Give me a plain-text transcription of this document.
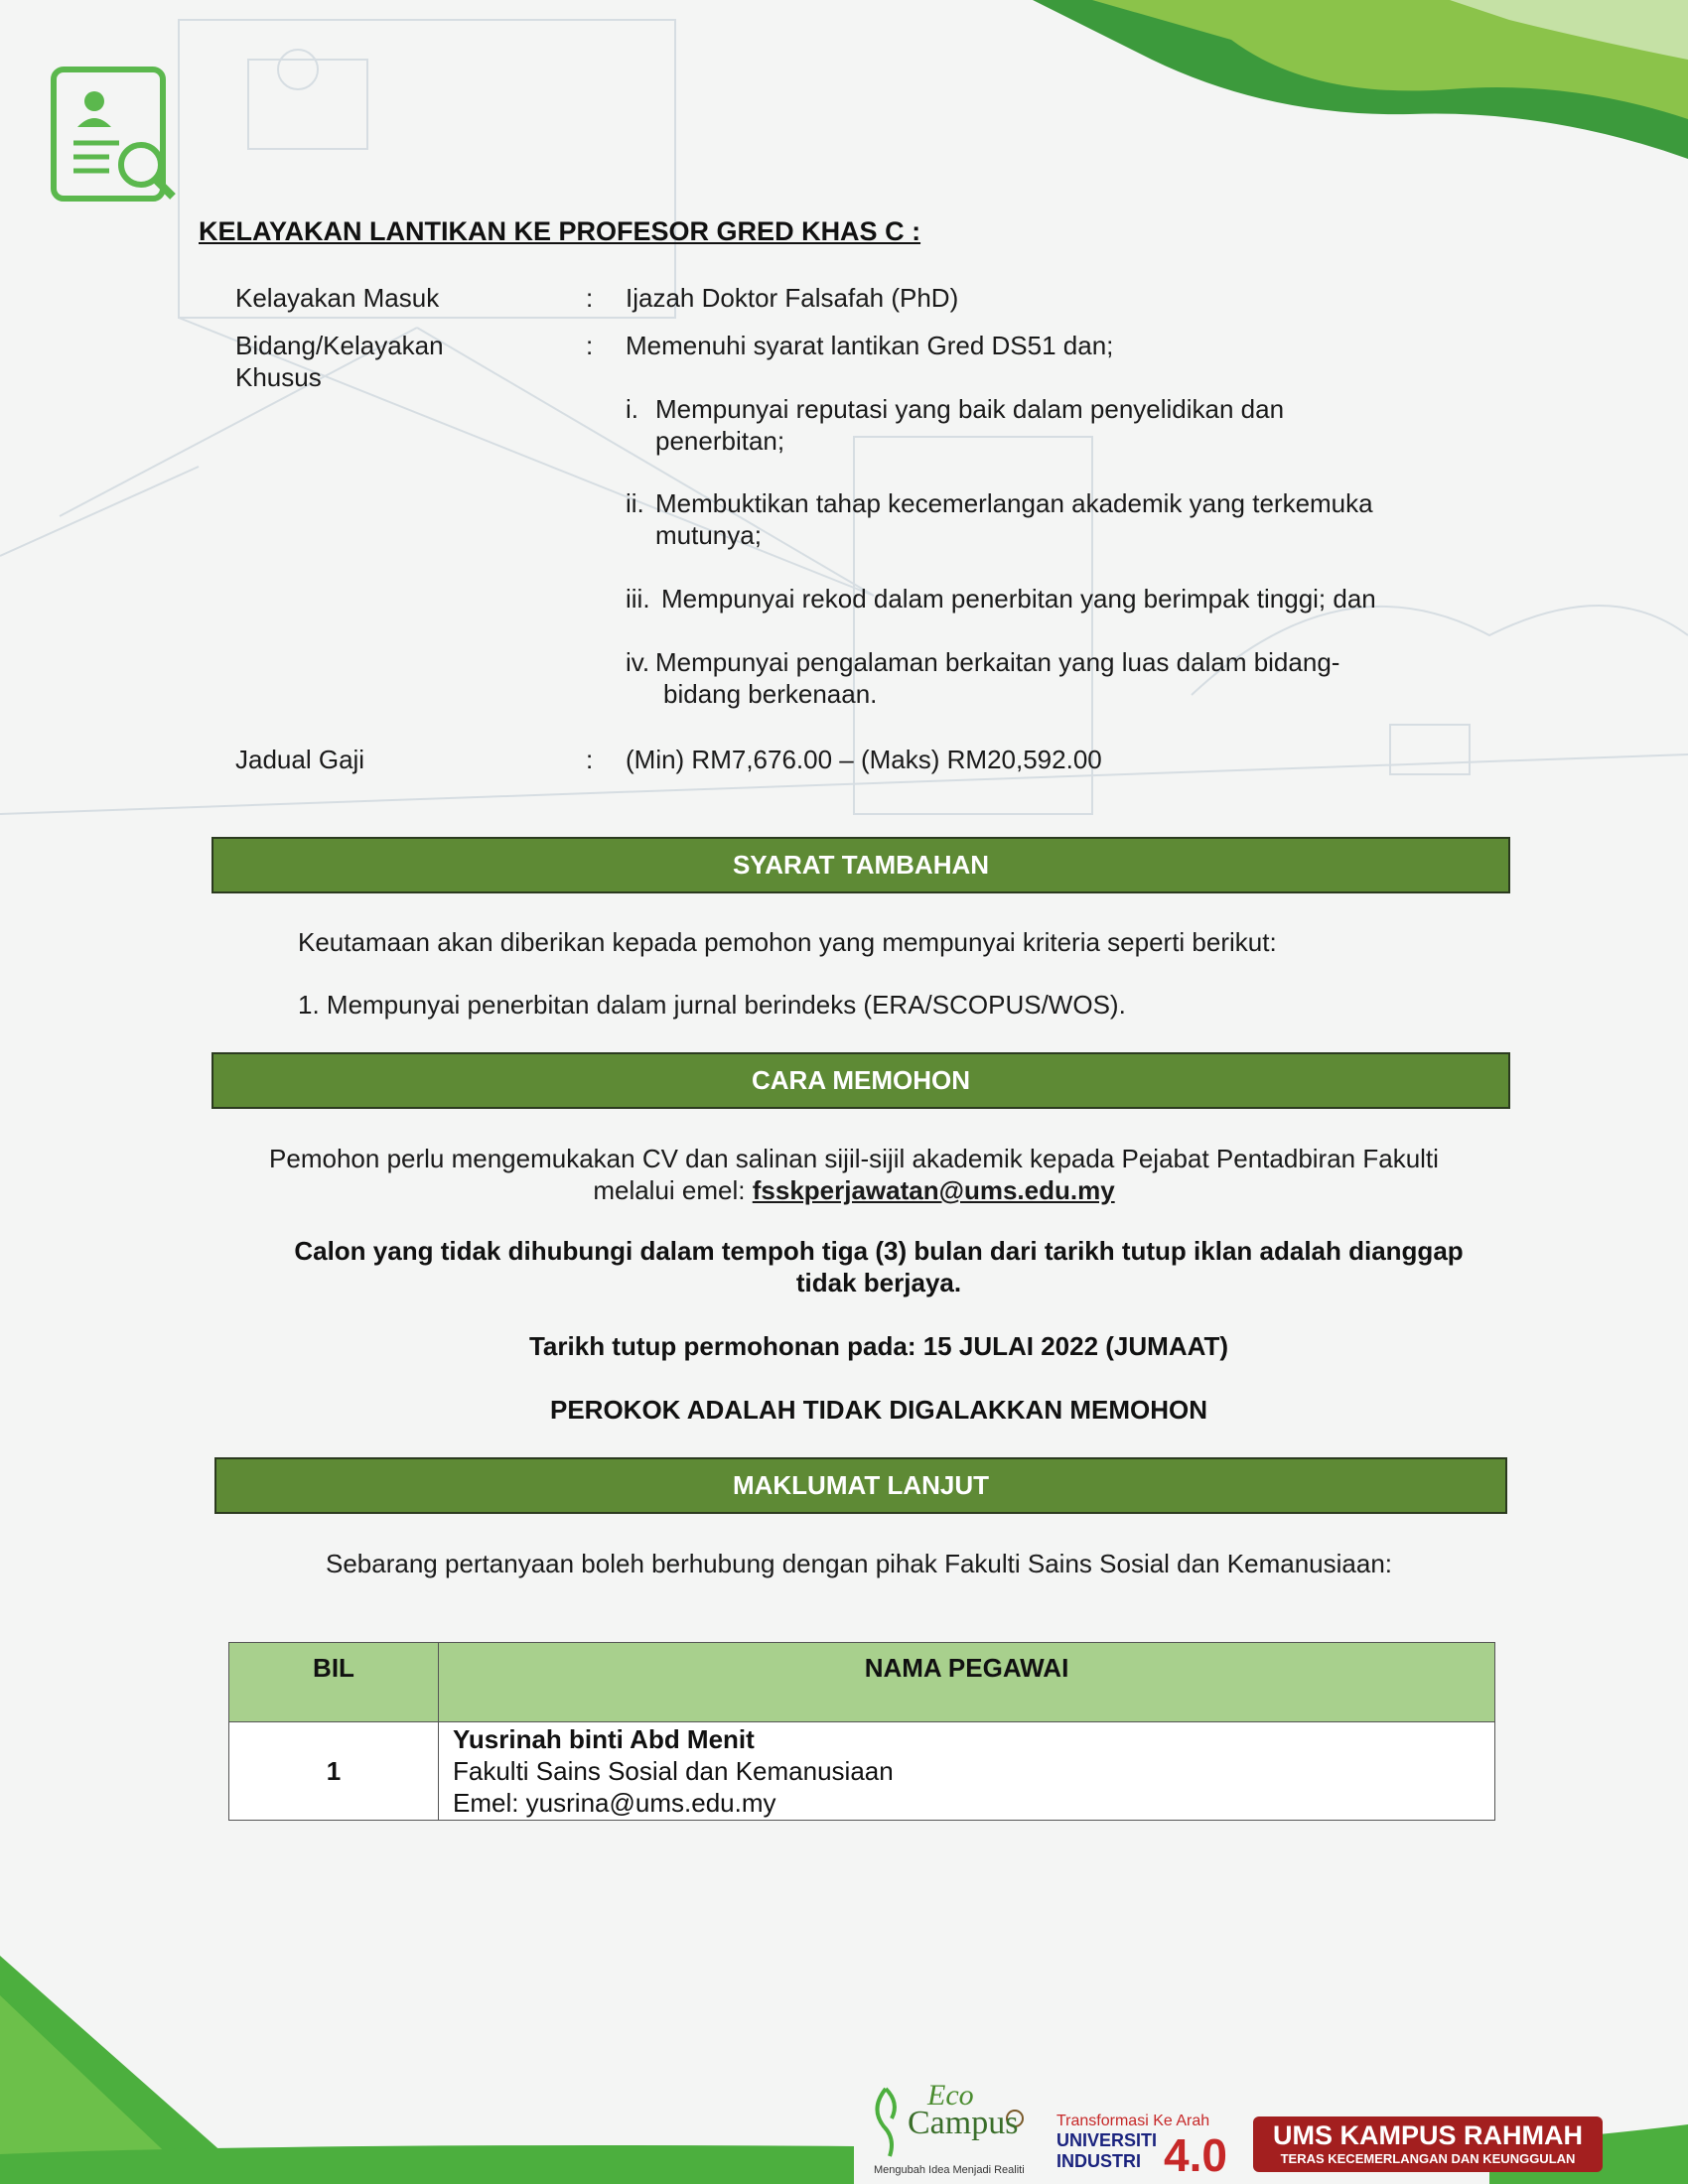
KELAYAKAN LANTIKAN KE PROFESOR GRED KHAS C :
Kelayakan Masuk	: Ijazah Doktor Falsafah (PhD)
Bidang/Kelayakan
Khusus
: Memenuhi syarat lantikan Gred DS51 dan;
i. Mempunyai reputasi yang baik dalam penyelidikan dan
penerbitan;
ii. Membuktikan tahap kecemerlangan akademik yang terkemuka
mutunya;
iii. Mempunyai rekod dalam penerbitan yang berimpak tinggi; dan
iv. Mempunyai pengalaman berkaitan yang luas dalam bidang-
bidang berkenaan.
Jadual Gaji	: (Min) RM7,676.00 – (Maks) RM20,592.00
SYARAT TAMBAHAN
Keutamaan akan diberikan kepada pemohon yang mempunyai kriteria seperti berikut:
1. Mempunyai penerbitan dalam jurnal berindeks (ERA/SCOPUS/WOS).
CARA MEMOHON
Pemohon perlu mengemukakan CV dan salinan sijil-sijil akademik kepada Pejabat Pentadbiran Fakulti
melalui emel: fsskperjawatan@ums.edu.my
Calon yang tidak dihubungi dalam tempoh tiga (3) bulan dari tarikh tutup iklan adalah dianggap
tidak berjaya.
Tarikh tutup permohonan pada: 15 JULAI 2022 (JUMAAT)
PEROKOK ADALAH TIDAK DIGALAKKAN MEMOHON
MAKLUMAT LANJUT
Sebarang pertanyaan boleh berhubung dengan pihak Fakulti Sains Sosial dan Kemanusiaan:
BIL	NAMA PEGAWAI
1	Yusrinah binti Abd Menit
Fakulti Sains Sosial dan Kemanusiaan
Emel: yusrina@ums.edu.my
Eco
Campus
Mengubah Idea Menjadi Realiti
Transformasi Ke Arah
UNIVERSITI
INDUSTRI 4.0	UMS KAMPUS RAHMAH
TERAS KECEMERLANGAN DAN KEUNGGULAN
